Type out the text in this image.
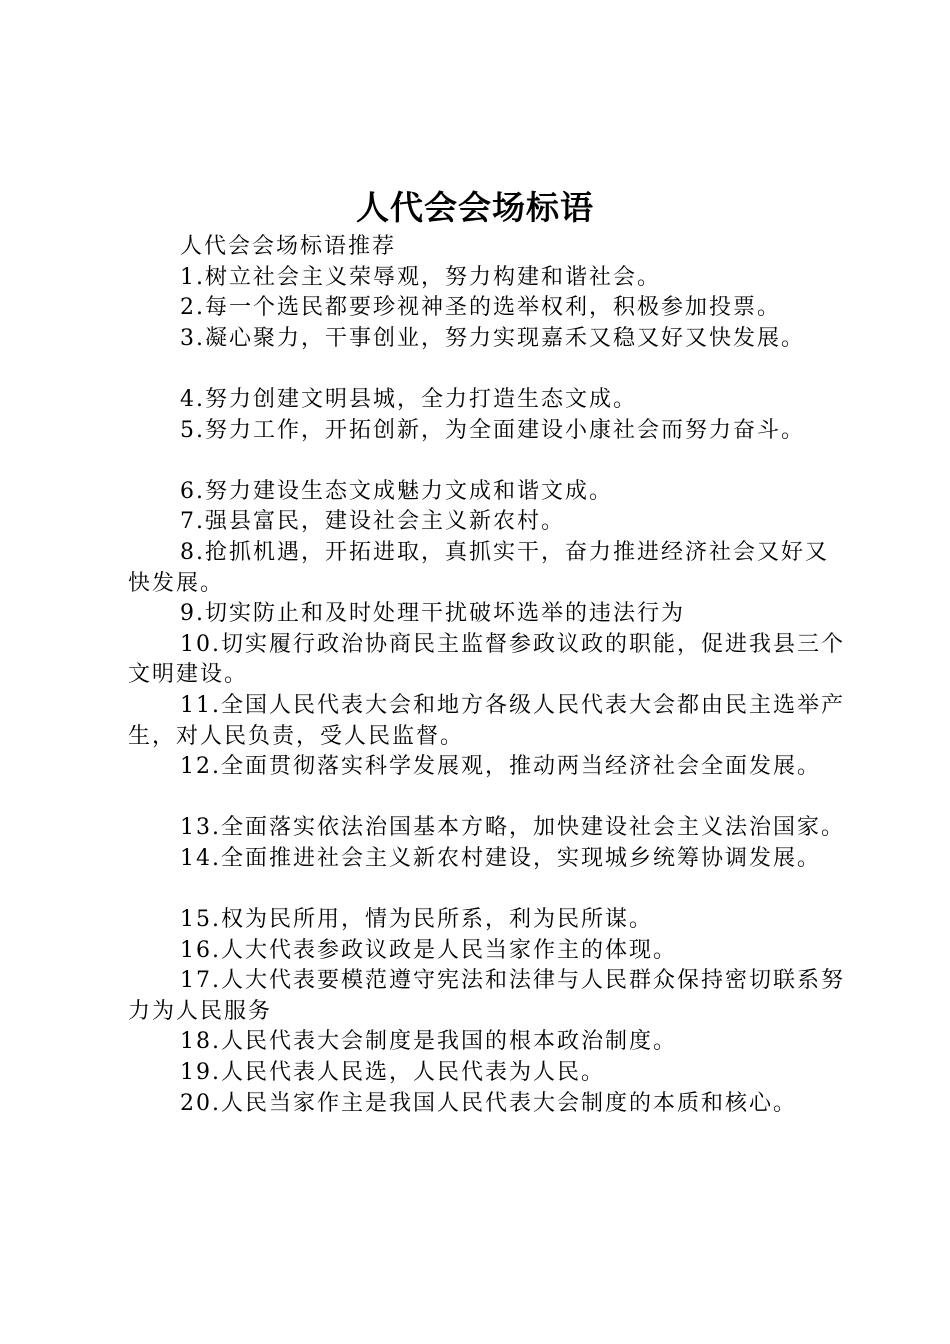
人代会会场标语

人代会会场标语推荐

1.树立社会主义荣辱观，努力构建和谐社会。

2.每一个选民都要珍视神圣的选举权利，积极参加投票。

3.凝心聚力，干事创业，努力实现嘉禾又稳又好又快发展。

4.努力创建文明县城，全力打造生态文成。

5.努力工作，开拓创新，为全面建设小康社会而努力奋斗。

6.努力建设生态文成魅力文成和谐文成。

7.强县富民，建设社会主义新农村。

8.抢抓机遇，开拓进取，真抓实干，奋力推进经济社会又好又快发展。

9.切实防止和及时处理干扰破坏选举的违法行为

10.切实履行政治协商民主监督参政议政的职能，促进我县三个文明建设。

11.全国人民代表大会和地方各级人民代表大会都由民主选举产生，对人民负责，受人民监督。

12.全面贯彻落实科学发展观，推动两当经济社会全面发展。

13.全面落实依法治国基本方略，加快建设社会主义法治国家。

14.全面推进社会主义新农村建设，实现城乡统筹协调发展。

15.权为民所用，情为民所系，利为民所谋。

16.人大代表参政议政是人民当家作主的体现。

17.人大代表要模范遵守宪法和法律与人民群众保持密切联系努力为人民服务

18.人民代表大会制度是我国的根本政治制度。

19.人民代表人民选，人民代表为人民。

20.人民当家作主是我国人民代表大会制度的本质和核心。
